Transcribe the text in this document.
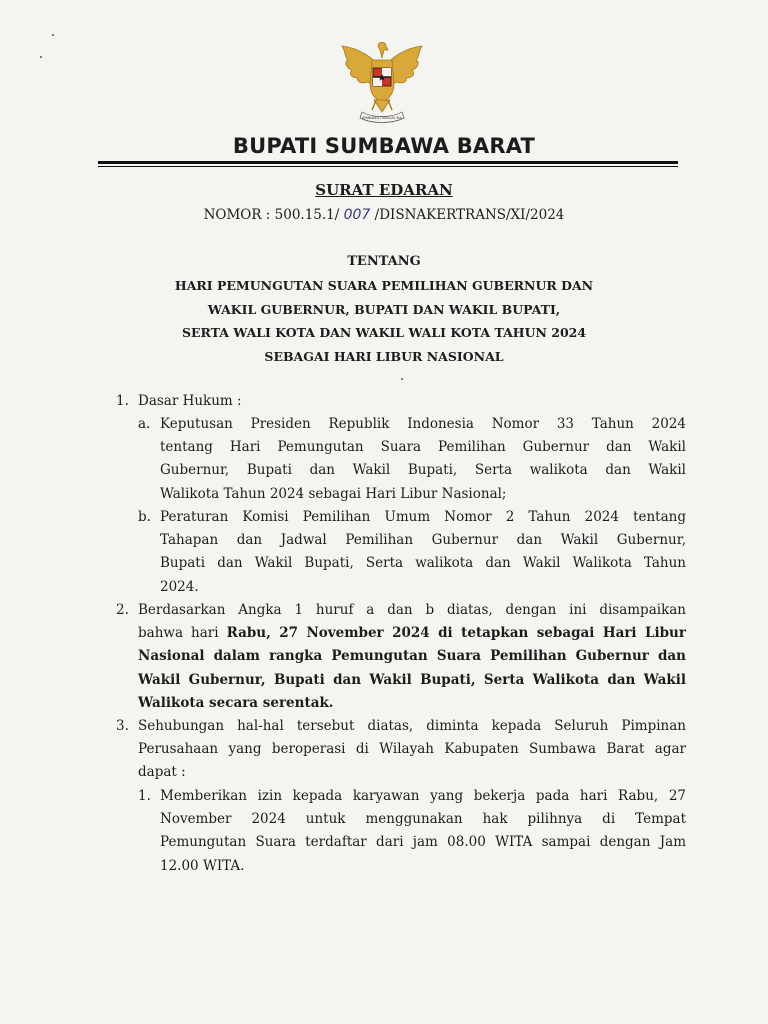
BHINNEKA TUNGGAL IKA
BUPATI SUMBAWA BARAT
SURAT EDARAN
NOMOR : 500.15.1/ 007 /DISNAKERTRANS/XI/2024
TENTANG
HARI PEMUNGUTAN SUARA PEMILIHAN GUBERNUR DAN
WAKIL GUBERNUR, BUPATI DAN WAKIL BUPATI,
SERTA WALI KOTA DAN WAKIL WALI KOTA TAHUN 2024
SEBAGAI HARI LIBUR NASIONAL
1. Dasar Hukum :
a. Keputusan Presiden Republik Indonesia Nomor 33 Tahun 2024
tentang Hari Pemungutan Suara Pemilihan Gubernur dan Wakil
Gubernur, Bupati dan Wakil Bupati, Serta walikota dan Wakil
Walikota Tahun 2024 sebagai Hari Libur Nasional;
b. Peraturan Komisi Pemilihan Umum Nomor 2 Tahun 2024 tentang
Tahapan dan Jadwal Pemilihan Gubernur dan Wakil Gubernur,
Bupati dan Wakil Bupati, Serta walikota dan Wakil Walikota Tahun
2024.
2. Berdasarkan Angka 1 huruf a dan b diatas, dengan ini disampaikan
bahwa hari Rabu, 27 November 2024 di tetapkan sebagai Hari Libur
Nasional dalam rangka Pemungutan Suara Pemilihan Gubernur dan
Wakil Gubernur, Bupati dan Wakil Bupati, Serta Walikota dan Wakil
Walikota secara serentak.
3. Sehubungan hal-hal tersebut diatas, diminta kepada Seluruh Pimpinan
Perusahaan yang beroperasi di Wilayah Kabupaten Sumbawa Barat agar
dapat :
1. Memberikan izin kepada karyawan yang bekerja pada hari Rabu, 27
November 2024 untuk menggunakan hak pilihnya di Tempat
Pemungutan Suara terdaftar dari jam 08.00 WITA sampai dengan Jam
12.00 WITA.
